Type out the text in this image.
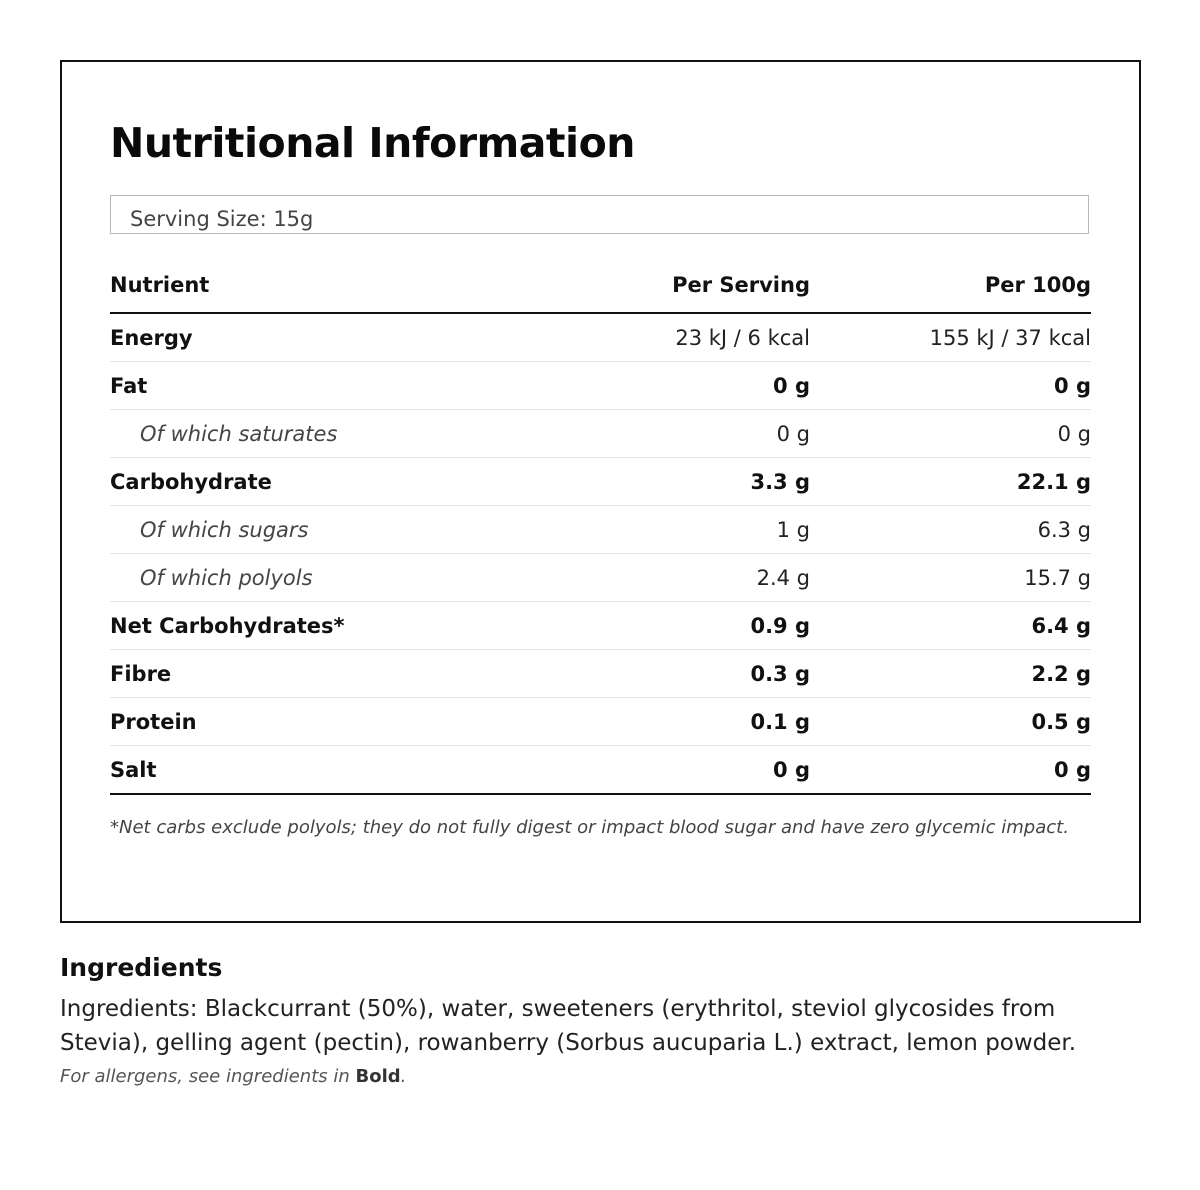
Nutritional Information
Serving Size: 15g
Nutrient	Per Serving	Per 100g
Energy	23 kJ / 6 kcal	155 kJ / 37 kcal
Fat	0 g	0 g
Of which saturates	0 g	0 g
Carbohydrate	3.3 g	22.1 g
Of which sugars	1 g	6.3 g
Of which polyols	2.4 g	15.7 g
Net Carbohydrates*	0.9 g	6.4 g
Fibre	0.3 g	2.2 g
Protein	0.1 g	0.5 g
Salt	0 g	0 g
*Net carbs exclude polyols; they do not fully digest or impact blood sugar and have zero glycemic impact.
Ingredients
Ingredients: Blackcurrant (50%), water, sweeteners (erythritol, steviol glycosides from Stevia), gelling agent (pectin), rowanberry (Sorbus aucuparia L.) extract, lemon powder.
For allergens, see ingredients in Bold.
